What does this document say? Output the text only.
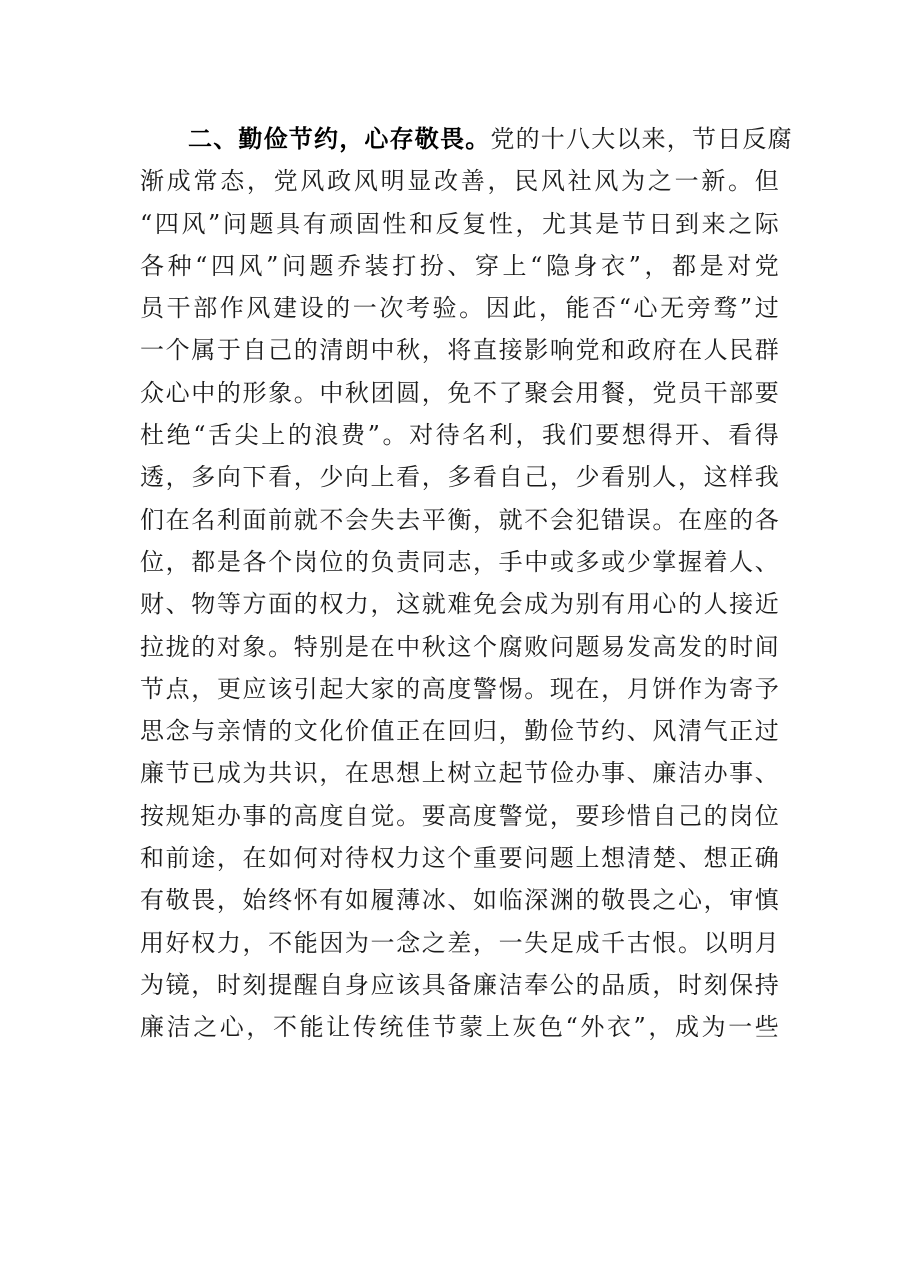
二、勤俭节约，心存敬畏。党的十八大以来，节日反腐
渐成常态，党风政风明显改善，民风社风为之一新。但
“四风”问题具有顽固性和反复性，尤其是节日到来之际
各种“四风”问题乔装打扮、穿上“隐身衣”，都是对党
员干部作风建设的一次考验。因此，能否“心无旁骛”过
一个属于自己的清朗中秋，将直接影响党和政府在人民群
众心中的形象。中秋团圆，免不了聚会用餐，党员干部要
杜绝“舌尖上的浪费”。对待名利，我们要想得开、看得
透，多向下看，少向上看，多看自己，少看别人，这样我
们在名利面前就不会失去平衡，就不会犯错误。在座的各
位，都是各个岗位的负责同志，手中或多或少掌握着人、
财、物等方面的权力，这就难免会成为别有用心的人接近
拉拢的对象。特别是在中秋这个腐败问题易发高发的时间
节点，更应该引起大家的高度警惕。现在，月饼作为寄予
思念与亲情的文化价值正在回归，勤俭节约、风清气正过
廉节已成为共识，在思想上树立起节俭办事、廉洁办事、
按规矩办事的高度自觉。要高度警觉，要珍惜自己的岗位
和前途，在如何对待权力这个重要问题上想清楚、想正确
有敬畏，始终怀有如履薄冰、如临深渊的敬畏之心，审慎
用好权力，不能因为一念之差，一失足成千古恨。以明月
为镜，时刻提醒自身应该具备廉洁奉公的品质，时刻保持
廉洁之心，不能让传统佳节蒙上灰色“外衣”，成为一些
